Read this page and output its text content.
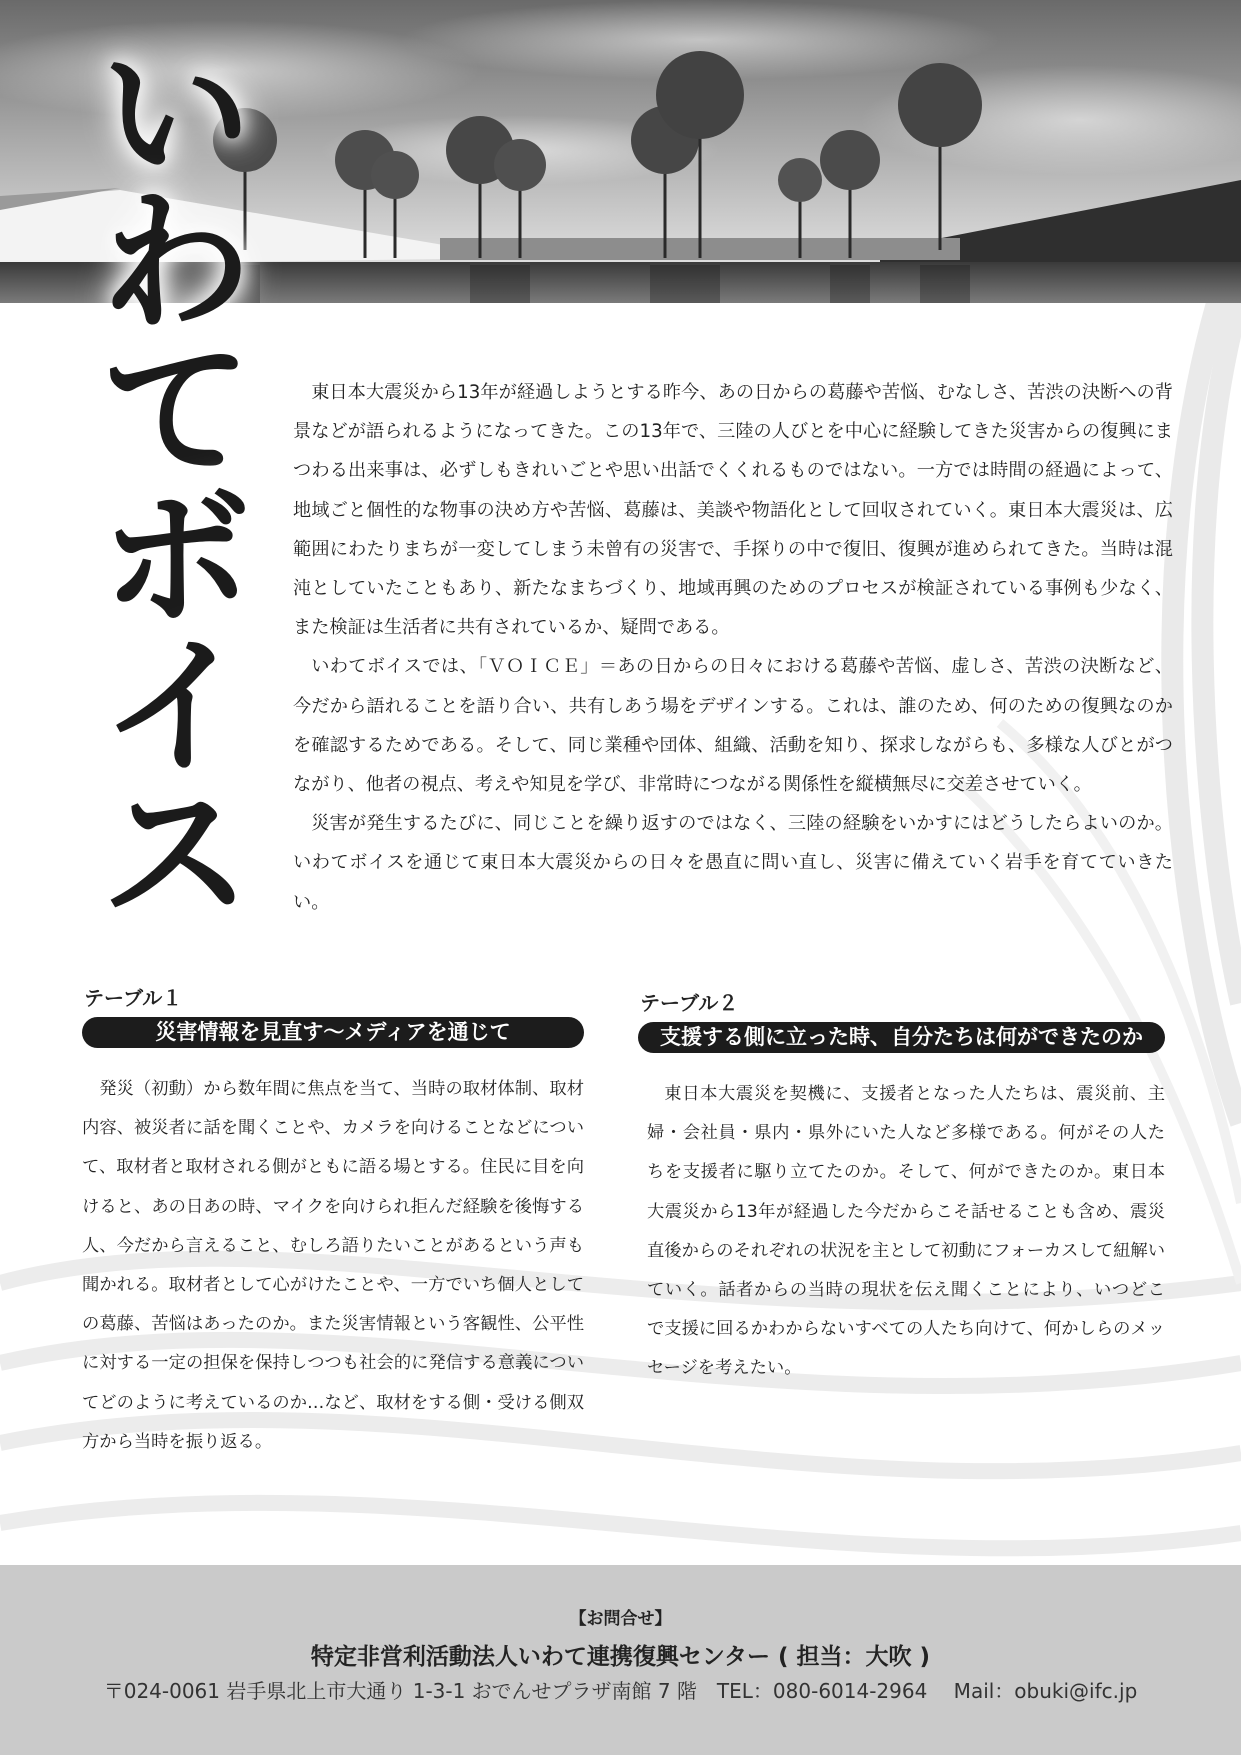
い
わ
て
ボ
イ
ス

東日本大震災から13年が経過しようとする昨今、あの日からの葛藤や苦悩、むなしさ、苦渋の決断への背景などが語られるようになってきた。この13年で、三陸の人びとを中心に経験してきた災害からの復興にまつわる出来事は、必ずしもきれいごとや思い出話でくくれるものではない。一方では時間の経過によって、地域ごと個性的な物事の決め方や苦悩、葛藤は、美談や物語化として回収されていく。東日本大震災は、広範囲にわたりまちが一変してしまう未曾有の災害で、手探りの中で復旧、復興が進められてきた。当時は混沌としていたこともあり、新たなまちづくり、地域再興のためのプロセスが検証されている事例も少なく、また検証は生活者に共有されているか、疑問である。

いわてボイスでは、「ＶＯＩＣＥ」＝あの日からの日々における葛藤や苦悩、虚しさ、苦渋の決断など、今だから語れることを語り合い、共有しあう場をデザインする。これは、誰のため、何のための復興なのかを確認するためである。そして、同じ業種や団体、組織、活動を知り、探求しながらも、多様な人びとがつながり、他者の視点、考えや知見を学び、非常時につながる関係性を縦横無尽に交差させていく。

災害が発生するたびに、同じことを繰り返すのではなく、三陸の経験をいかすにはどうしたらよいのか。いわてボイスを通じて東日本大震災からの日々を愚直に問い直し、災害に備えていく岩手を育てていきたい。

テーブル１
災害情報を見直す〜メディアを通じて

発災（初動）から数年間に焦点を当て、当時の取材体制、取材内容、被災者に話を聞くことや、カメラを向けることなどについて、取材者と取材される側がともに語る場とする。住民に目を向けると、あの日あの時、マイクを向けられ拒んだ経験を後悔する人、今だから言えること、むしろ語りたいことがあるという声も聞かれる。取材者として心がけたことや、一方でいち個人としての葛藤、苦悩はあったのか。また災害情報という客観性、公平性に対する一定の担保を保持しつつも社会的に発信する意義についてどのように考えているのか…など、取材をする側・受ける側双方から当時を振り返る。

テーブル２
支援する側に立った時、自分たちは何ができたのか

東日本大震災を契機に、支援者となった人たちは、震災前、主婦・会社員・県内・県外にいた人など多様である。何がその人たちを支援者に駆り立てたのか。そして、何ができたのか。東日本大震災から13年が経過した今だからこそ話せることも含め、震災直後からのそれぞれの状況を主として初動にフォーカスして紐解いていく。話者からの当時の現状を伝え聞くことにより、いつどこで支援に回るかわからないすべての人たち向けて、何かしらのメッセージを考えたい。

【お問合せ】
特定非営利活動法人いわて連携復興センター ( 担当：大吹 )
〒024-0061 岩手県北上市大通り 1-3-1 おでんせプラザ南館 7 階　TEL：080-6014-2964　 Mail：obuki@ifc.jp
